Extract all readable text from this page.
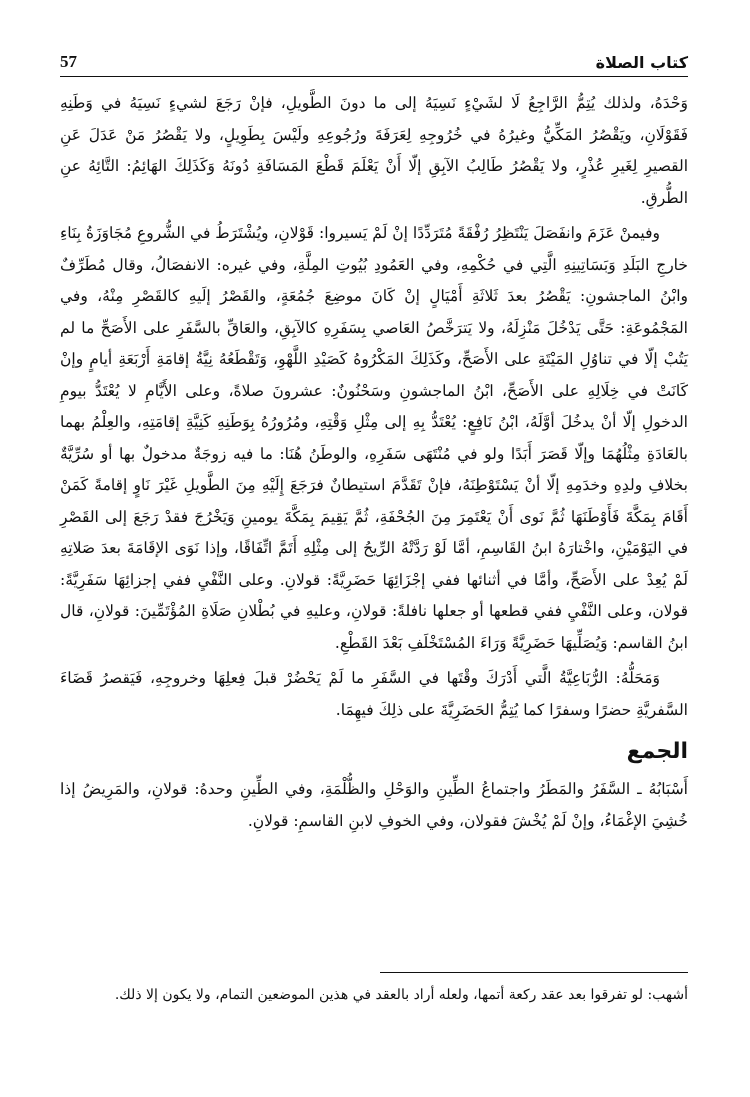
57	كتاب الصلاة

وَحْدَهُ، ولذلك يُتِمُّ الرَّاجِعُ لَا لشَيْءٍ نَسِيَهُ إلى ما دونَ الطَّويلِ، فإنْ رَجَعَ لشيءٍ نَسِيَهُ في وَطَنِهِ فَقَوْلَانِ، ويَقْصُرُ المَكِّيُّ وغيرُهُ في خُرُوجِهِ لِعَرَفَةَ ورُجُوعِهِ ولَيْسَ بِطَوِيلٍ، ولا يَقْصُرُ مَنْ عَدَلَ عَنِ القصيرِ لِغَيرِ عُذْرٍ، ولا يَقْصُرُ طَالِبُ الآبِقِ إلّا أَنْ يَعْلَمَ قَطْعَ المَسَافَةِ دُونَهُ وَكَذَلِكَ الهَائِمُ: التَّائِهُ عنِ الطُّرقِ.

وفيمنْ عَزَمَ وانفَصَلَ يَنْتَظِرُ رُفْقَةً مُتَرَدِّدًا إنْ لَمْ يَسيروا: قَوْلانِ، ويُشْتَرَطُ في الشُّروعِ مُجَاوَزَةُ بِنَاءِ خارجِ البَلَدِ وَبَسَاتِينِهِ الَّتِي في حُكْمِهِ، وفي العَمُودِ بُيُوتِ المِلَّةِ، وفي غيره: الانفصَالُ، وقال مُطَرِّفٌ وابْنُ الماجشونِ: يَقْصُرُ بعدَ ثَلاثَةِ أَمْيَالٍ إنْ كَانَ موضِعَ جُمُعَةٍ، والقَصْرُ إلَيهِ كالقَصْرِ مِنْهُ، وفي المَجْمُوعَةِ: حَتَّى يَدْخُلَ مَنْزِلَهُ، ولا يَترَخَّصُ العَاصي بِسَفَرِهِ كالآبِقِ، والعَاقِّ بالسَّفَرِ على الأَصَحِّ ما لم يَتُبْ إلّا في تناوُلِ المَيْتَةِ على الأَصَحِّ، وكَذَلِكَ المَكْرُوهُ كَصَيْدِ اللَّهْوِ، وَتَقْطَعُهُ نِيَّةُ إقامَةِ أَرْبَعَةِ أيامٍ وإنْ كَانَتْ في خِلَالِهِ على الأَصَحِّ، ابْنُ الماجشونِ وسَحْنُونٌ: عشرونَ صلاةً، وعلى الأَيَّامِ لا يُعْتَدُّ بيومِ الدخولِ إلّا أنْ يدخُلَ أوَّلَهُ، ابْنُ نَافِعٍ: يُعْتَدُّ بِهِ إلى مِثْلِ وَقْتِهِ، ومُرُورُهُ بِوَطَنِهِ كَنِيَّةِ إقامَتِهِ، والعِلْمُ بهما بالعَادَةِ مِثْلُهُمَا وإلّا قَصَرَ أَبَدًا ولو في مُنْتَهَى سَفَرِهِ، والوطَنُ هُنَا: ما فيه زوجَةٌ مدخولٌ بها أو سُرِّيَّةٌ بخلافِ ولدِهِ وخدَمِهِ إلّا أنْ يَسْتَوْطِنَهُ، فإنْ تَقَدَّمَ استيطانٌ فرَجَعَ إِلَيْهِ مِنَ الطَّويلِ غَيْرَ نَاوٍ إقامةً كَمَنْ أَقَامَ بِمَكَّةَ فَأَوْطَنَهَا ثُمَّ نَوى أَنْ يَعْتَمِرَ مِنَ الجُحْفَةِ، ثُمَّ يَقِيمَ بِمَكَّةَ يومينِ وَيَخْرُجَ فقدْ رَجَعَ إلى القَصْرِ في اليَوْمَيْنِ، واخْتارَهُ ابنُ القَاسِمِ، أمَّا لَوْ رَدَّتْهُ الرِّيحُ إلى مِثْلِهِ أَتَمَّ اتِّفَاقًا، وإذا نَوَى الإقَامَةَ بعدَ صَلاتِهِ لَمْ يُعِدْ على الأَصَحِّ، وأمَّا في أثنائها ففي إجْزَائِهَا حَضَرِيَّةً: قولانِ. وعلى النَّفْيِ ففي إجزائِهَا سَفَرِيَّةً: قولان، وعلى النَّفْيِ ففي قطعها أو جعلها نافلةً: قولانِ، وعليهِ في بُطْلانِ صَلَاةِ المُؤْتَمِّينَ: قولانِ، قال ابنُ القاسم: وَيُصَلِّيهَا حَضَرِيَّةً وَرَاءَ المُسْتَخْلَفِ بَعْدَ القَطْعِ.

وَمَحَلُّهُ: الرُّبَاعِيَّةُ الَّتي أَدْرَكَ وقْتَها في السَّفَرِ ما لَمْ يَحْضُرْ قبلَ فِعلِهَا وخروجِهِ، فَيَقصرُ قَضَاءَ السَّفريَّةِ حضرًا وسفرًا كما يُتِمُّ الحَضَرِيَّةَ على ذلِكَ فيهِمَا.

الجمع

أَسْبَابُهُ ـ السَّفَرُ والمَطَرُ واجتماعُ الطِّينِ والوَحْلِ والظُّلْمَةِ، وفي الطِّينِ وحدهُ: قولانِ، والمَرِيضُ إذا خُشِيَ الإغْمَاءُ، وإنْ لَمْ يُخْشَ فقولان، وفي الخوفِ لابنِ القاسمِ: قولانِ.

أشهب: لو تفرقوا بعد عقد ركعة أتمها، ولعله أراد بالعقد في هذين الموضعين التمام، ولا يكون إلا ذلك.
